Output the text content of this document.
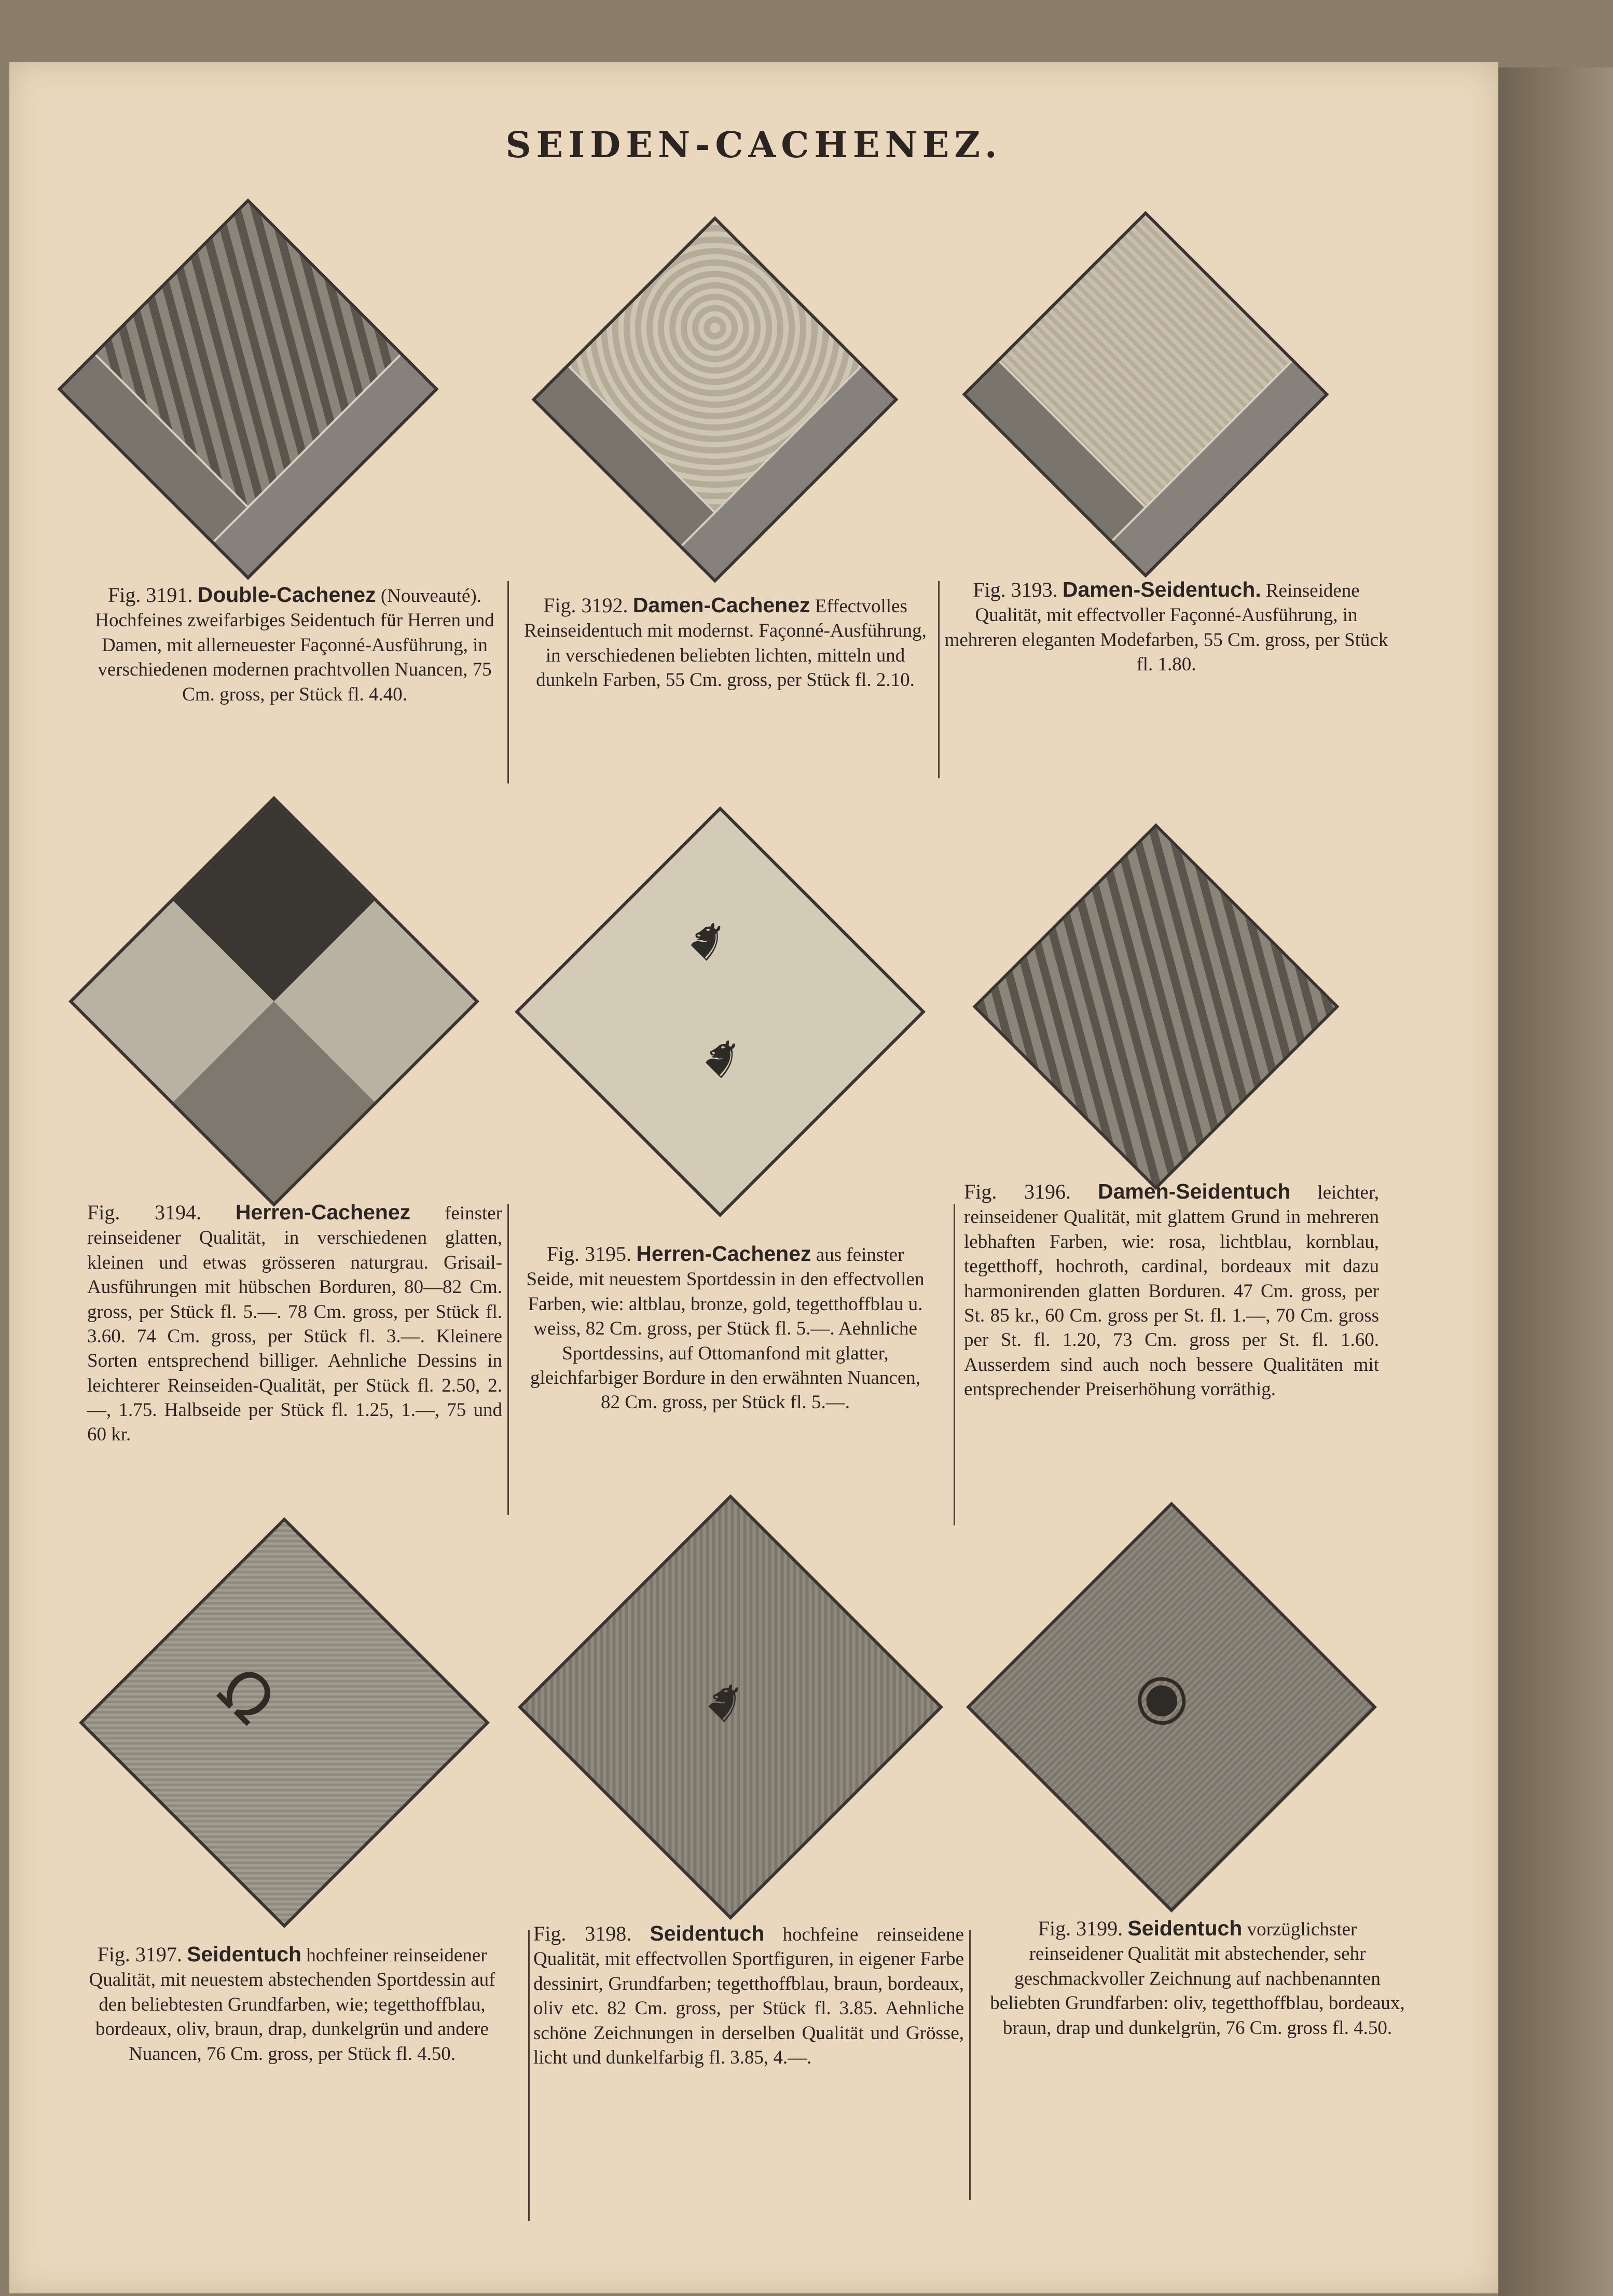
SEIDEN-CACHENEZ.
Fig. 3191. Double-Cachenez (Nouveauté). Hochfeines zweifarbiges Seidentuch für Herren und Damen, mit allerneuester Façonné-Ausführung, in verschiedenen modernen prachtvollen Nuancen, 75 Cm. gross, per Stück fl. 4.40.
Fig. 3192. Damen-Cachenez Effectvolles Reinseidentuch mit modernst. Façonné-Ausführung, in verschiedenen beliebten lichten, mitteln und dunkeln Farben, 55 Cm. gross, per Stück fl. 2.10.
Fig. 3193. Damen-Seidentuch. Reinseidene Qualität, mit effectvoller Façonné-Ausführung, in mehreren eleganten Modefarben, 55 Cm. gross, per Stück fl. 1.80.
Fig. 3194. Herren-Cachenez feinster reinseidener Qualität, in verschiedenen glatten, kleinen und etwas grösseren naturgrau. Grisail-Ausführungen mit hübschen Borduren, 80—82 Cm. gross, per Stück fl. 5.—. 78 Cm. gross, per Stück fl. 3.60. 74 Cm. gross, per Stück fl. 3.—. Kleinere Sorten entsprechend billiger. Aehnliche Dessins in leichterer Reinseiden-Qualität, per Stück fl. 2.50, 2.—, 1.75. Halbseide per Stück fl. 1.25, 1.—, 75 und 60 kr.
♞
♞
Fig. 3195. Herren-Cachenez aus feinster Seide, mit neuestem Sportdessin in den effectvollen Farben, wie: altblau, bronze, gold, tegetthoffblau u. weiss, 82 Cm. gross, per Stück fl. 5.—. Aehnliche Sportdessins, auf Ottomanfond mit glatter, gleichfarbiger Bordure in den erwähnten Nuancen, 82 Cm. gross, per Stück fl. 5.—.
Fig. 3196. Damen-Seidentuch leichter, reinseidener Qualität, mit glattem Grund in mehreren lebhaften Farben, wie: rosa, lichtblau, kornblau, tegetthoff, hochroth, cardinal, bordeaux mit dazu harmonirenden glatten Borduren. 47 Cm. gross, per St. 85 kr., 60 Cm. gross per St. fl. 1.—, 70 Cm. gross per St. fl. 1.20, 73 Cm. gross per St. fl. 1.60. Ausserdem sind auch noch bessere Qualitäten mit entsprechender Preiserhöhung vorräthig.
Ω
Fig. 3197. Seidentuch hochfeiner reinseidener Qualität, mit neuestem abstechenden Sportdessin auf den beliebtesten Grundfarben, wie; tegetthoffblau, bordeaux, oliv, braun, drap, dunkelgrün und andere Nuancen, 76 Cm. gross, per Stück fl. 4.50.
♞
Fig. 3198. Seidentuch hochfeine reinseidene Qualität, mit effectvollen Sportfiguren, in eigener Farbe dessinirt, Grundfarben; tegetthoffblau, braun, bordeaux, oliv etc. 82 Cm. gross, per Stück fl. 3.85. Aehnliche schöne Zeichnungen in derselben Qualität und Grösse, licht und dunkelfarbig fl. 3.85, 4.—.
◉
Fig. 3199. Seidentuch vorzüglichster reinseidener Qualität mit abstechender, sehr geschmackvoller Zeichnung auf nachbenannten beliebten Grundfarben: oliv, tegetthoffblau, bordeaux, braun, drap und dunkelgrün, 76 Cm. gross fl. 4.50.
